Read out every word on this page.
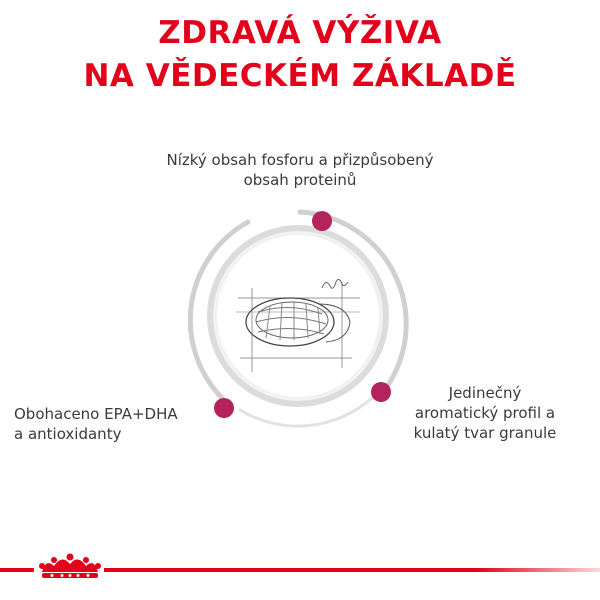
ZDRAVÁ VÝŽIVA
NA VĚDECKÉM ZÁKLADĚ
Nízký obsah fosforu a přizpůsobený
obsah proteinů
Obohaceno EPA+DHA
a antioxidanty
Jedinečný
aromatický profil a
kulatý tvar granule
